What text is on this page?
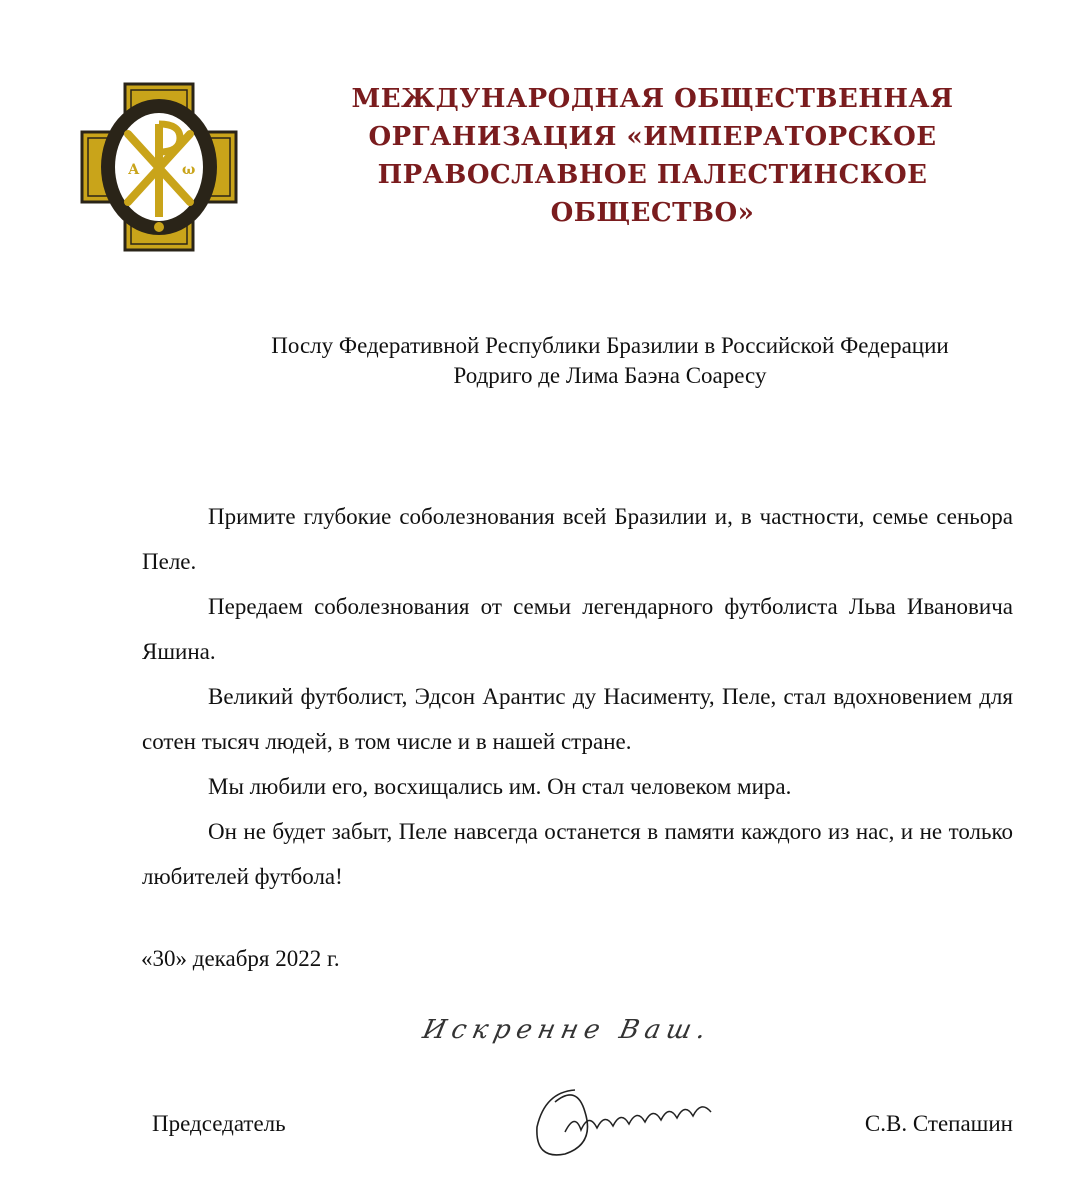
А	ω
МЕЖДУНАРОДНАЯ ОБЩЕСТВЕННАЯ
ОРГАНИЗАЦИЯ «ИМПЕРАТОРСКОЕ
ПРАВОСЛАВНОЕ ПАЛЕСТИНСКОЕ ОБЩЕСТВО»
Послу Федеративной Республики Бразилии в Российской Федерации
Родриго де Лима Баэна Соаресу

Примите глубокие соболезнования всей Бразилии и, в частности, семье сеньора Пеле.

Передаем соболезнования от семьи легендарного футболиста Льва Ивановича Яшина.

Великий футболист, Эдсон Арантис ду Насименту, Пеле, стал вдохновением для сотен тысяч людей, в том числе и в нашей стране.

Мы любили его, восхищались им. Он стал человеком мира.

Он не будет забыт, Пеле навсегда останется в памяти каждого из нас, и не только любителей футбола!

«30» декабря 2022 г.
Искренне Ваш.
Председатель	С.В. Степашин
